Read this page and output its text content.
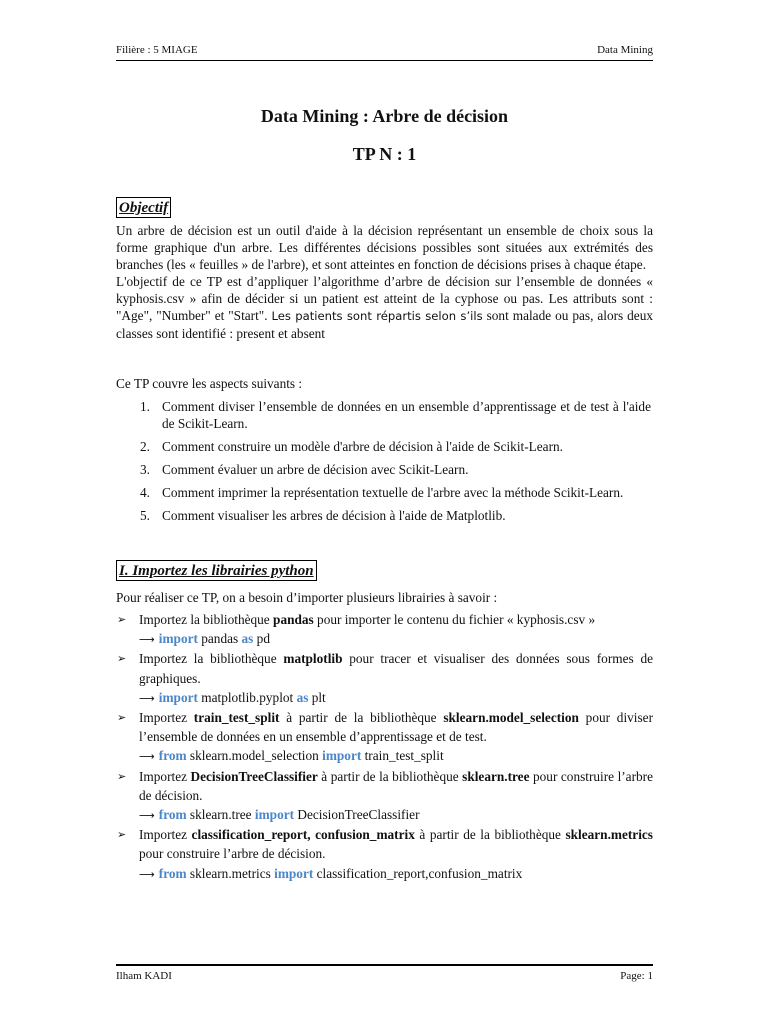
Filière : 5 MIAGE	Data Mining
Data Mining : Arbre de décision
TP N : 1
Objectif

Un arbre de décision est un outil d'aide à la décision représentant un ensemble de choix sous la forme graphique d'un arbre. Les différentes décisions possibles sont situées aux extrémités des branches (les « feuilles » de l'arbre), et sont atteintes en fonction de décisions prises à chaque étape.

L'objectif de ce TP est d’appliquer l’algorithme d’arbre de décision sur l’ensemble de données « kyphosis.csv » afin de décider si un patient est atteint de la cyphose ou pas. Les attributs sont : "Age", "Number" et "Start". Les patients sont répartis selon s’ils sont malade ou pas, alors deux classes sont identifié : present et absent

Ce TP couvre les aspects suivants :
1. Comment diviser l’ensemble de données en un ensemble d’apprentissage et de test à l'aide de Scikit-Learn.
2. Comment construire un modèle d'arbre de décision à l'aide de Scikit-Learn.
3. Comment évaluer un arbre de décision avec Scikit-Learn.
4. Comment imprimer la représentation textuelle de l'arbre avec la méthode Scikit-Learn.
5. Comment visualiser les arbres de décision à l'aide de Matplotlib.
I. Importez les librairies python
Pour réaliser ce TP, on a besoin d’importer plusieurs librairies à savoir :
➢ Importez la bibliothèque pandas pour importer le contenu du fichier « kyphosis.csv »
⟶ import pandas as pd
➢ Importez la bibliothèque matplotlib pour tracer et visualiser des données sous formes de graphiques.
⟶ import matplotlib.pyplot as plt
➢ Importez train_test_split à partir de la bibliothèque sklearn.model_selection pour diviser l’ensemble de données en un ensemble d’apprentissage et de test.
⟶ from sklearn.model_selection import train_test_split
➢ Importez DecisionTreeClassifier à partir de la bibliothèque sklearn.tree pour construire l’arbre de décision.
⟶ from sklearn.tree import DecisionTreeClassifier
➢ Importez classification_report, confusion_matrix à partir de la bibliothèque sklearn.metrics pour construire l’arbre de décision.
⟶ from sklearn.metrics import classification_report,confusion_matrix
Ilham KADI	Page: 1
